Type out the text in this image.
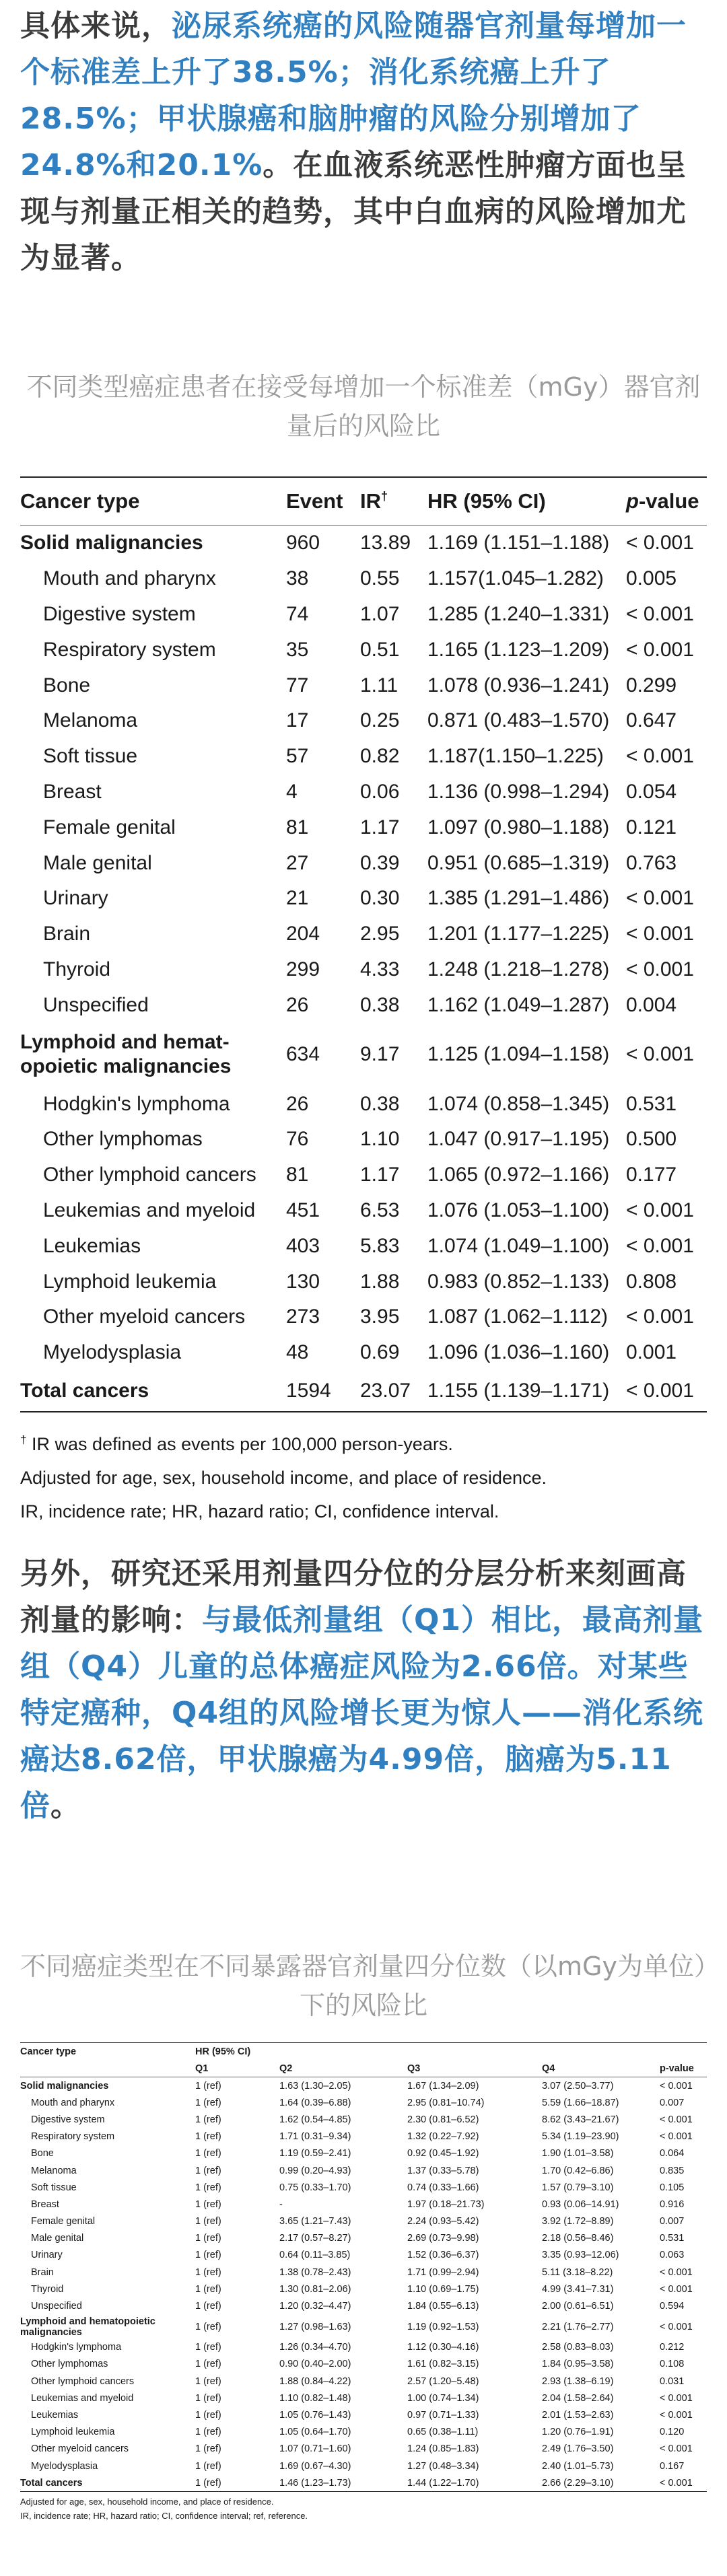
具体来说，泌尿系统癌的风险随器官剂量每增加一个标准差上升了38.5%；消化系统癌上升了28.5%；甲状腺癌和脑肿瘤的风险分别增加了24.8%和20.1%。在血液系统恶性肿瘤方面也呈现与剂量正相关的趋势，其中白血病的风险增加尤为显著。

不同类型癌症患者在接受每增加一个标准差（mGy）器官剂量后的风险比
Cancer type	Event	IR†	HR (95% CI)	p-value
Solid malignancies	960	13.89	1.169 (1.151–1.188)	< 0.001
Mouth and pharynx	38	0.55	1.157(1.045–1.282)	0.005
Digestive system	74	1.07	1.285 (1.240–1.331)	< 0.001
Respiratory system	35	0.51	1.165 (1.123–1.209)	< 0.001
Bone	77	1.11	1.078 (0.936–1.241)	0.299
Melanoma	17	0.25	0.871 (0.483–1.570)	0.647
Soft tissue	57	0.82	1.187(1.150–1.225)	< 0.001
Breast	4	0.06	1.136 (0.998–1.294)	0.054
Female genital	81	1.17	1.097 (0.980–1.188)	0.121
Male genital	27	0.39	0.951 (0.685–1.319)	0.763
Urinary	21	0.30	1.385 (1.291–1.486)	< 0.001
Brain	204	2.95	1.201 (1.177–1.225)	< 0.001
Thyroid	299	4.33	1.248 (1.218–1.278)	< 0.001
Unspecified	26	0.38	1.162 (1.049–1.287)	0.004
Lymphoid and hemat-opoietic malignancies	634	9.17	1.125 (1.094–1.158)	< 0.001
Hodgkin's lymphoma	26	0.38	1.074 (0.858–1.345)	0.531
Other lymphomas	76	1.10	1.047 (0.917–1.195)	0.500
Other lymphoid cancers	81	1.17	1.065 (0.972–1.166)	0.177
Leukemias and myeloid	451	6.53	1.076 (1.053–1.100)	< 0.001
Leukemias	403	5.83	1.074 (1.049–1.100)	< 0.001
Lymphoid leukemia	130	1.88	0.983 (0.852–1.133)	0.808
Other myeloid cancers	273	3.95	1.087 (1.062–1.112)	< 0.001
Myelodysplasia	48	0.69	1.096 (1.036–1.160)	0.001
Total cancers	1594	23.07	1.155 (1.139–1.171)	< 0.001
† IR was defined as events per 100,000 person-years.
Adjusted for age, sex, household income, and place of residence.
IR, incidence rate; HR, hazard ratio; CI, confidence interval.

另外，研究还采用剂量四分位的分层分析来刻画高剂量的影响：与最低剂量组（Q1）相比，最高剂量组（Q4）儿童的总体癌症风险为2.66倍。对某些特定癌种，Q4组的风险增长更为惊人——消化系统癌达8.62倍，甲状腺癌为4.99倍，脑癌为5.11倍。

不同癌症类型在不同暴露器官剂量四分位数（以mGy为单位）下的风险比
Cancer type	HR (95% CI)				
	Q1	Q2	Q3	Q4	p-value
Solid malignancies	1 (ref)	1.63 (1.30–2.05)	1.67 (1.34–2.09)	3.07 (2.50–3.77)	< 0.001
Mouth and pharynx	1 (ref)	1.64 (0.39–6.88)	2.95 (0.81–10.74)	5.59 (1.66–18.87)	0.007
Digestive system	1 (ref)	1.62 (0.54–4.85)	2.30 (0.81–6.52)	8.62 (3.43–21.67)	< 0.001
Respiratory system	1 (ref)	1.71 (0.31–9.34)	1.32 (0.22–7.92)	5.34 (1.19–23.90)	< 0.001
Bone	1 (ref)	1.19 (0.59–2.41)	0.92 (0.45–1.92)	1.90 (1.01–3.58)	0.064
Melanoma	1 (ref)	0.99 (0.20–4.93)	1.37 (0.33–5.78)	1.70 (0.42–6.86)	0.835
Soft tissue	1 (ref)	0.75 (0.33–1.70)	0.74 (0.33–1.66)	1.57 (0.79–3.10)	0.105
Breast	1 (ref)	-	1.97 (0.18–21.73)	0.93 (0.06–14.91)	0.916
Female genital	1 (ref)	3.65 (1.21–7.43)	2.24 (0.93–5.42)	3.92 (1.72–8.89)	0.007
Male genital	1 (ref)	2.17 (0.57–8.27)	2.69 (0.73–9.98)	2.18 (0.56–8.46)	0.531
Urinary	1 (ref)	0.64 (0.11–3.85)	1.52 (0.36–6.37)	3.35 (0.93–12.06)	0.063
Brain	1 (ref)	1.38 (0.78–2.43)	1.71 (0.99–2.94)	5.11 (3.18–8.22)	< 0.001
Thyroid	1 (ref)	1.30 (0.81–2.06)	1.10 (0.69–1.75)	4.99 (3.41–7.31)	< 0.001
Unspecified	1 (ref)	1.20 (0.32–4.47)	1.84 (0.55–6.13)	2.00 (0.61–6.51)	0.594
Lymphoid and hematopoietic malignancies	1 (ref)	1.27 (0.98–1.63)	1.19 (0.92–1.53)	2.21 (1.76–2.77)	< 0.001
Hodgkin's lymphoma	1 (ref)	1.26 (0.34–4.70)	1.12 (0.30–4.16)	2.58 (0.83–8.03)	0.212
Other lymphomas	1 (ref)	0.90 (0.40–2.00)	1.61 (0.82–3.15)	1.84 (0.95–3.58)	0.108
Other lymphoid cancers	1 (ref)	1.88 (0.84–4.22)	2.57 (1.20–5.48)	2.93 (1.38–6.19)	0.031
Leukemias and myeloid	1 (ref)	1.10 (0.82–1.48)	1.00 (0.74–1.34)	2.04 (1.58–2.64)	< 0.001
Leukemias	1 (ref)	1.05 (0.76–1.43)	0.97 (0.71–1.33)	2.01 (1.53–2.63)	< 0.001
Lymphoid leukemia	1 (ref)	1.05 (0.64–1.70)	0.65 (0.38–1.11)	1.20 (0.76–1.91)	0.120
Other myeloid cancers	1 (ref)	1.07 (0.71–1.60)	1.24 (0.85–1.83)	2.49 (1.76–3.50)	< 0.001
Myelodysplasia	1 (ref)	1.69 (0.67–4.30)	1.27 (0.48–3.34)	2.40 (1.01–5.73)	0.167
Total cancers	1 (ref)	1.46 (1.23–1.73)	1.44 (1.22–1.70)	2.66 (2.29–3.10)	< 0.001
Adjusted for age, sex, household income, and place of residence.
IR, incidence rate; HR, hazard ratio; CI, confidence interval; ref, reference.
